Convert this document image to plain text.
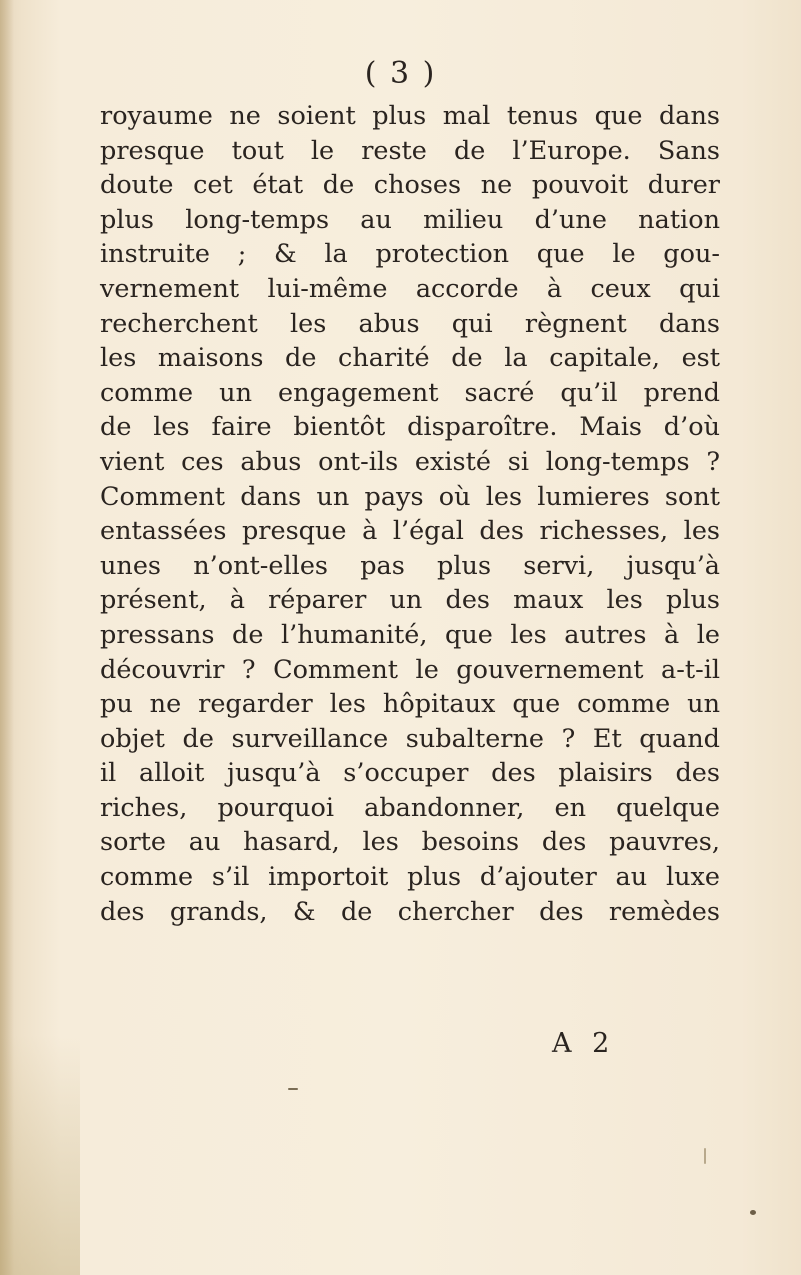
( 3 )
royaume ne soient plus mal tenus que dans
presque tout le reste de l’Europe. Sans
doute cet état de choses ne pouvoit durer
plus long-temps au milieu d’une nation
instruite ; & la protection que le gou-
vernement lui-même accorde à ceux qui
recherchent les abus qui règnent dans
les maisons de charité de la capitale, est
comme un engagement sacré qu’il prend
de les faire bientôt disparoître. Mais d’où
vient ces abus ont-ils existé si long-temps ?
Comment dans un pays où les lumieres sont
entassées presque à l’égal des richesses, les
unes n’ont-elles pas plus servi, jusqu’à
présent, à réparer un des maux les plus
pressans de l’humanité, que les autres à le
découvrir ? Comment le gouvernement a-t-il
pu ne regarder les hôpitaux que comme un
objet de surveillance subalterne ? Et quand
il alloit jusqu’à s’occuper des plaisirs des
riches, pourquoi abandonner, en quelque
sorte au hasard, les besoins des pauvres,
comme s’il importoit plus d’ajouter au luxe
des grands, & de chercher des remèdes
A 2
